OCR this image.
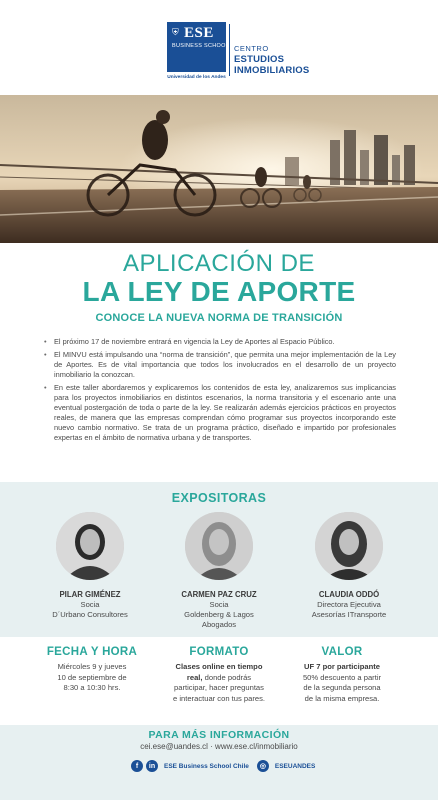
⛨ ESE
BUSINESS SCHOOL
Universidad de los Andes
CENTRO
ESTUDIOS
INMOBILIARIOS
APLICACIÓN DE
LA LEY DE APORTE
CONOCE LA NUEVA NORMA DE TRANSICIÓN
• El próximo 17 de noviembre entrará en vigencia la Ley de Aportes al Espacio Público.
• El MINVU está impulsando una “norma de transición”, que permita una mejor implementación de la Ley de Aportes. Es de vital importancia que todos los involucrados en el desarrollo de un proyecto inmobiliario la conozcan.
• En este taller abordaremos y explicaremos los contenidos de esta ley, analizaremos sus implicancias para los proyectos inmobiliarios en distintos escenarios, la norma transitoria y el escenario ante una eventual postergación de toda o parte de la ley. Se realizarán además ejercicios prácticos en proyectos reales, de manera que las empresas comprendan cómo programar sus proyectos incorporando este nuevo cambio normativo. Se trata de un programa práctico, diseñado e impartido por profesionales expertas en el ámbito de normativa urbana y de transportes.
EXPOSITORAS
PILAR GIMÉNEZ
Socia
D´Urbano Consultores
CARMEN PAZ CRUZ
Socia
Goldenberg & Lagos
Abogados
CLAUDIA ODDÓ
Directora Ejecutiva
Asesorías ITransporte
FECHA Y HORA
Miércoles 9 y jueves
10 de septiembre de
8:30 a 10:30 hrs.
FORMATO
Clases online en tiempo
real, donde podrás
participar, hacer preguntas
e interactuar con tus pares.
VALOR
UF 7 por participante
50% descuento a partir
de la segunda persona
de la misma empresa.
PARA MÁS INFORMACIÓN
cei.ese@uandes.cl · www.ese.cl/inmobiliario
f	in	ESE Business School Chile	◎	ESEUANDES
